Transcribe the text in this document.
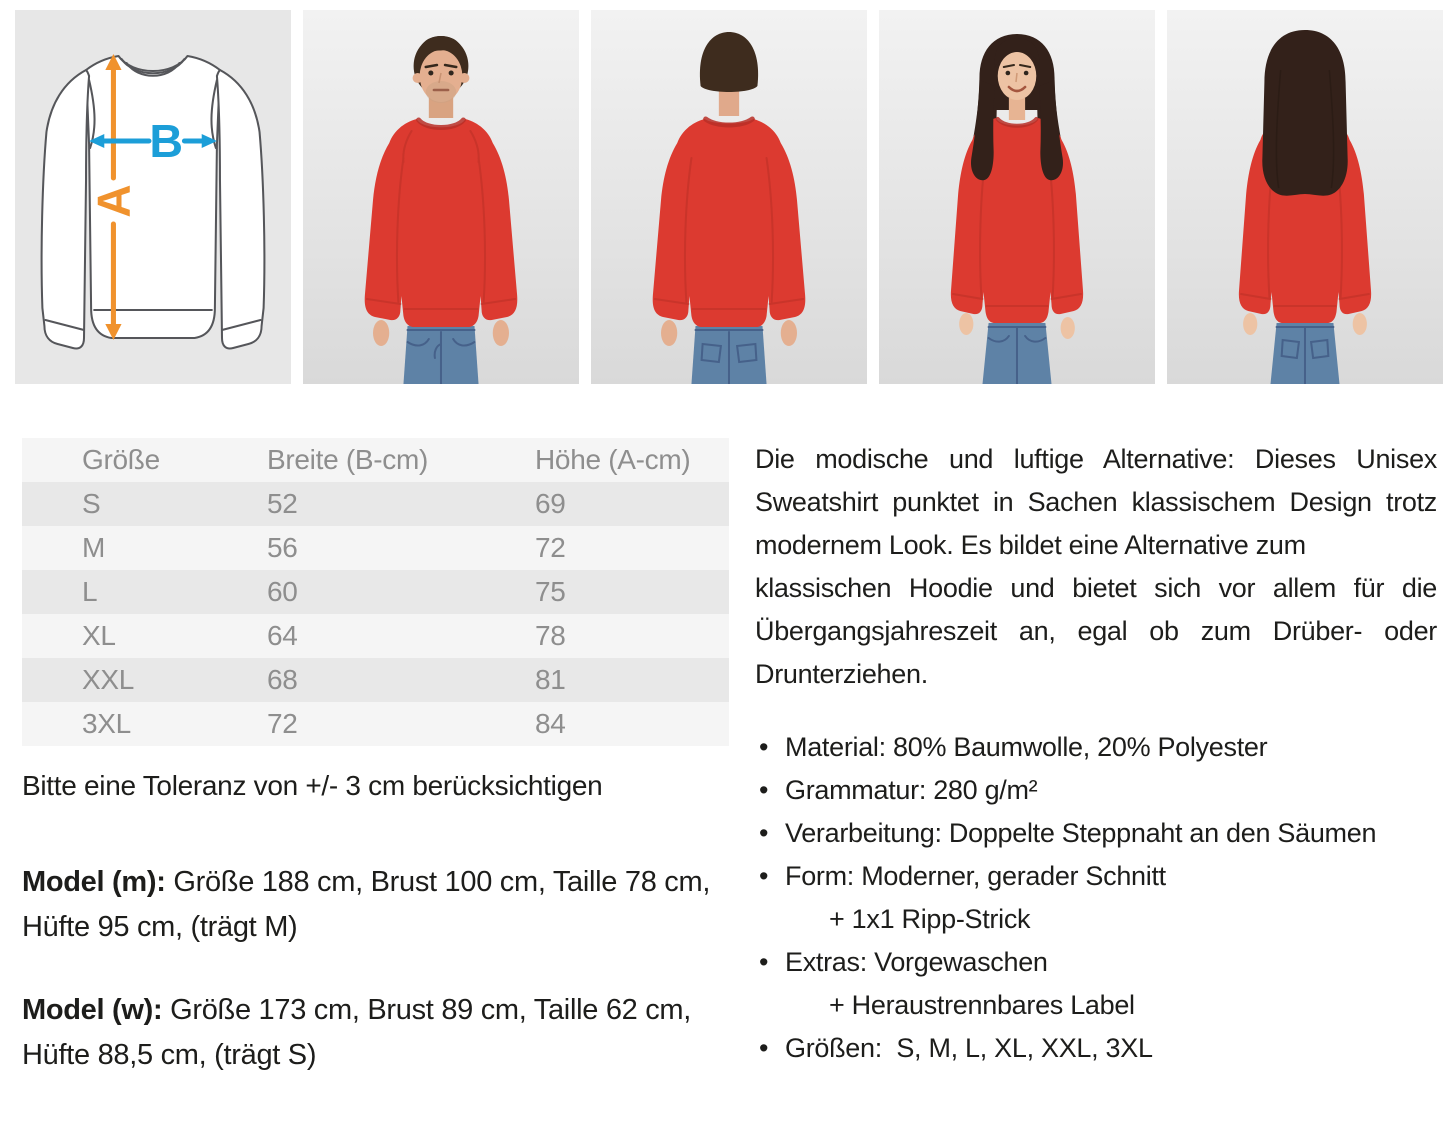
A
B
Größe	Breite (B-cm)	Höhe (A-cm)
S	52	69
M	56	72
L	60	75
XL	64	78
XXL	68	81
3XL	72	84
Bitte eine Toleranz von +/- 3 cm berücksichtigen

Model (m): Größe 188 cm, Brust 100 cm, Taille 78 cm, Hüfte 95 cm, (trägt M)

Model (w): Größe 173 cm, Brust 89 cm, Taille 62 cm, Hüfte 88,5 cm, (trägt S)

Die modische und luftige Alternative: Dieses Unisex Sweatshirt punktet in Sachen klassischem Design trotz modernem Look. Es bildet eine Alternative zum

klassischen Hoodie und bietet sich vor allem für die Übergangsjahreszeit an, egal ob zum Drüber- oder Drunterziehen.

• Material: 80% Baumwolle, 20% Polyester
• Grammatur: 280 g/m²
• Verarbeitung: Doppelte Steppnaht an den Säumen
• Form: Moderner, gerader Schnitt
+ 1x1 Ripp-Strick
• Extras: Vorgewaschen
+ Heraustrennbares Label
• Größen:  S, M, L, XL, XXL, 3XL
